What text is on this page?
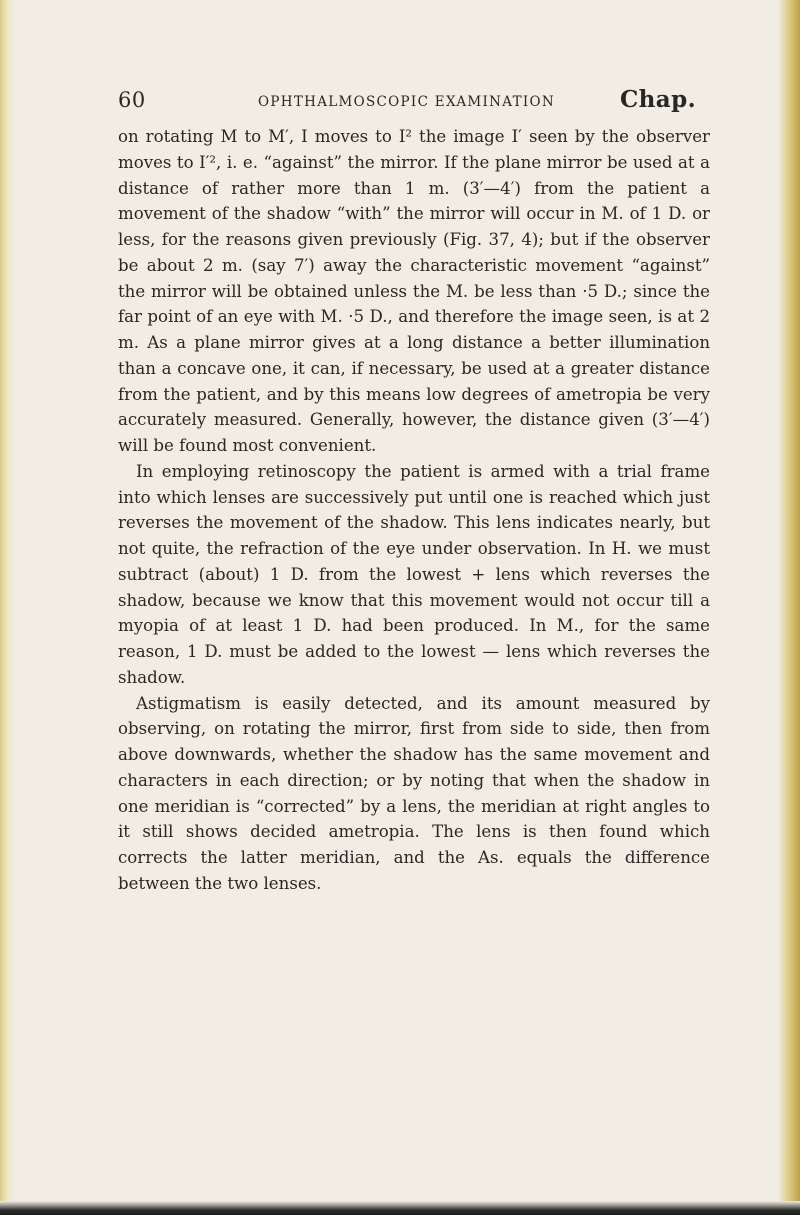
60	OPHTHALMOSCOPIC EXAMINATION	Chap.

on rotating M to M′, I moves to I² the image I′ seen by the observer moves to I′², i. e. “against” the mirror. If the plane mirror be used at a distance of rather more than 1 m. (3′—4′) from the patient a movement of the shadow “with” the mirror will occur in M. of 1 D. or less, for the reasons given previously (Fig. 37, 4); but if the observer be about 2 m. (say 7′) away the characteristic movement “against” the mirror will be obtained unless the M. be less than ·5 D.; since the far point of an eye with M. ·5 D., and therefore the image seen, is at 2 m. As a plane mirror gives at a long distance a better illumination than a concave one, it can, if necessary, be used at a greater distance from the patient, and by this means low degrees of ametropia be very accurately measured. Generally, however, the distance given (3′—4′) will be found most convenient.

In employing retinoscopy the patient is armed with a trial frame into which lenses are successively put until one is reached which just reverses the movement of the shadow. This lens indicates nearly, but not quite, the refraction of the eye under observation. In H. we must subtract (about) 1 D. from the lowest + lens which reverses the shadow, because we know that this movement would not occur till a myopia of at least 1 D. had been produced. In M., for the same reason, 1 D. must be added to the lowest — lens which reverses the shadow.

Astigmatism is easily detected, and its amount measured by observing, on rotating the mirror, first from side to side, then from above downwards, whether the shadow has the same movement and characters in each direction; or by noting that when the shadow in one meridian is “corrected” by a lens, the meridian at right angles to it still shows decided ametropia. The lens is then found which corrects the latter meridian, and the As. equals the difference between the two lenses.
